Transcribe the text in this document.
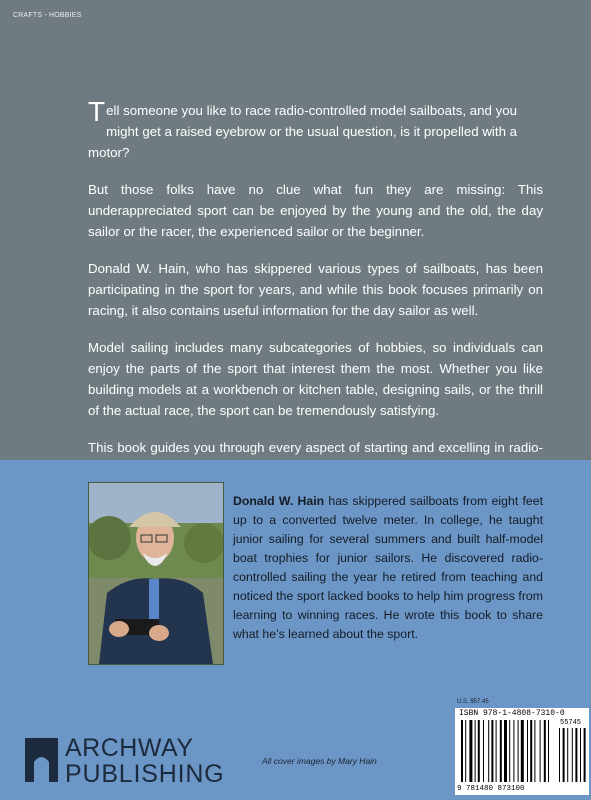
CRAFTS - HOBBIES

Tell someone you like to race radio-controlled model sailboats, and you might get a raised eyebrow or the usual question, is it propelled with a motor?

But those folks have no clue what fun they are missing: This underappreciated sport can be enjoyed by the young and the old, the day sailor or the racer, the experienced sailor or the beginner.

Donald W. Hain, who has skippered various types of sailboats, has been participating in the sport for years, and while this book focuses primarily on racing, it also contains useful information for the day sailor as well.

Model sailing includes many subcategories of hobbies, so individuals can enjoy the parts of the sport that interest them the most. Whether you like building models at a workbench or kitchen table, designing sails, or the thrill of the actual race, the sport can be tremendously satisfying.

This book guides you through every aspect of starting and excelling in radio-

Donald W. Hain has skippered sailboats from eight feet up to a converted twelve meter. In college, he taught junior sailing for several summers and built half-model boat trophies for junior sailors. He discovered radio-controlled sailing the year he retired from teaching and noticed the sport lacked books to help him progress from learning to winning races. He wrote this book to share what he’s learned about the sport.
ARCHWAY
PUBLISHING	All cover images by Mary Hain
U.S. $57.45
ISBN 978-1-4808-7310-0
55745
9 781480 873100
